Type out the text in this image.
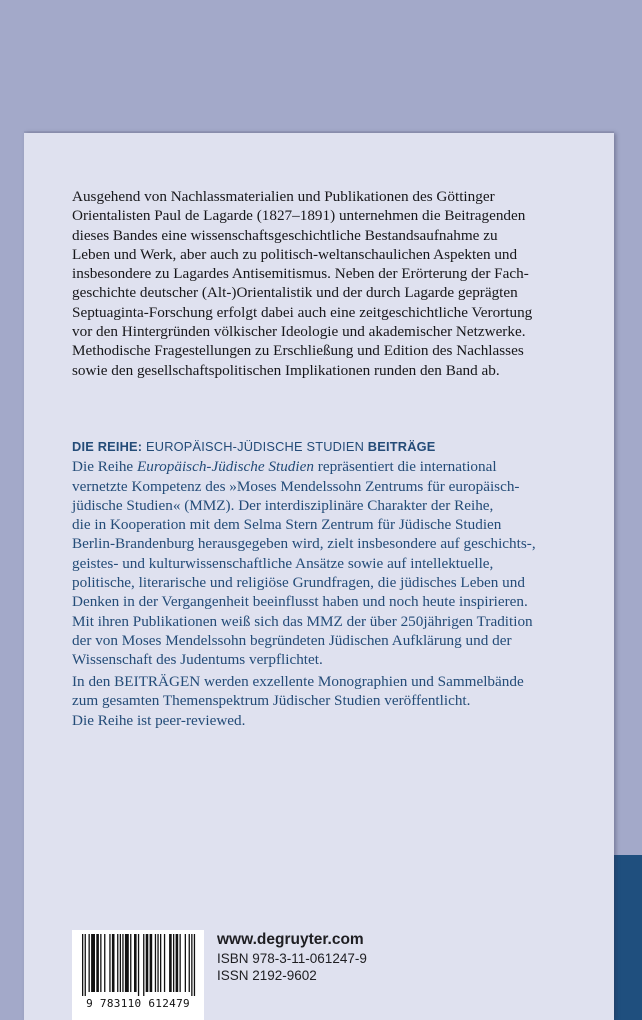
Ausgehend von Nachlassmaterialien und Publikationen des Göttinger
Orientalisten Paul de Lagarde (1827–1891) unternehmen die Beitragenden
dieses Bandes eine wissenschaftsgeschichtliche Bestandsaufnahme zu
Leben und Werk, aber auch zu politisch-weltanschaulichen Aspekten und
insbesondere zu Lagardes Antisemitismus. Neben der Erörterung der Fach-
geschichte deutscher (Alt-)Orientalistik und der durch Lagarde geprägten
Septuaginta-Forschung erfolgt dabei auch eine zeitgeschichtliche Verortung
vor den Hintergründen völkischer Ideologie und akademischer Netzwerke.
Methodische Fragestellungen zu Erschließung und Edition des Nachlasses
sowie den gesellschaftspolitischen Implikationen runden den Band ab.
DIE REIHE: EUROPÄISCH-JÜDISCHE STUDIEN BEITRÄGE
Die Reihe Europäisch-Jüdische Studien repräsentiert die international
vernetzte Kompetenz des »Moses Mendelssohn Zentrums für europäisch-
jüdische Studien« (MMZ). Der interdisziplinäre Charakter der Reihe,
die in Kooperation mit dem Selma Stern Zentrum für Jüdische Studien
Berlin-Brandenburg herausgegeben wird, zielt insbesondere auf geschichts-,
geistes- und kulturwissenschaftliche Ansätze sowie auf intellektuelle,
politische, literarische und religiöse Grundfragen, die jüdisches Leben und
Denken in der Vergangenheit beeinflusst haben und noch heute inspirieren.
Mit ihren Publikationen weiß sich das MMZ der über 250jährigen Tradition
der von Moses Mendelssohn begründeten Jüdischen Aufklärung und der
Wissenschaft des Judentums verpflichtet.
In den BEITRÄGEN werden exzellente Monographien und Sammelbände
zum gesamten Themenspektrum Jüdischer Studien veröffentlicht.
Die Reihe ist peer-reviewed.
9 783110 612479
www.degruyter.com
ISBN 978-3-11-061247-9
ISSN 2192-9602
